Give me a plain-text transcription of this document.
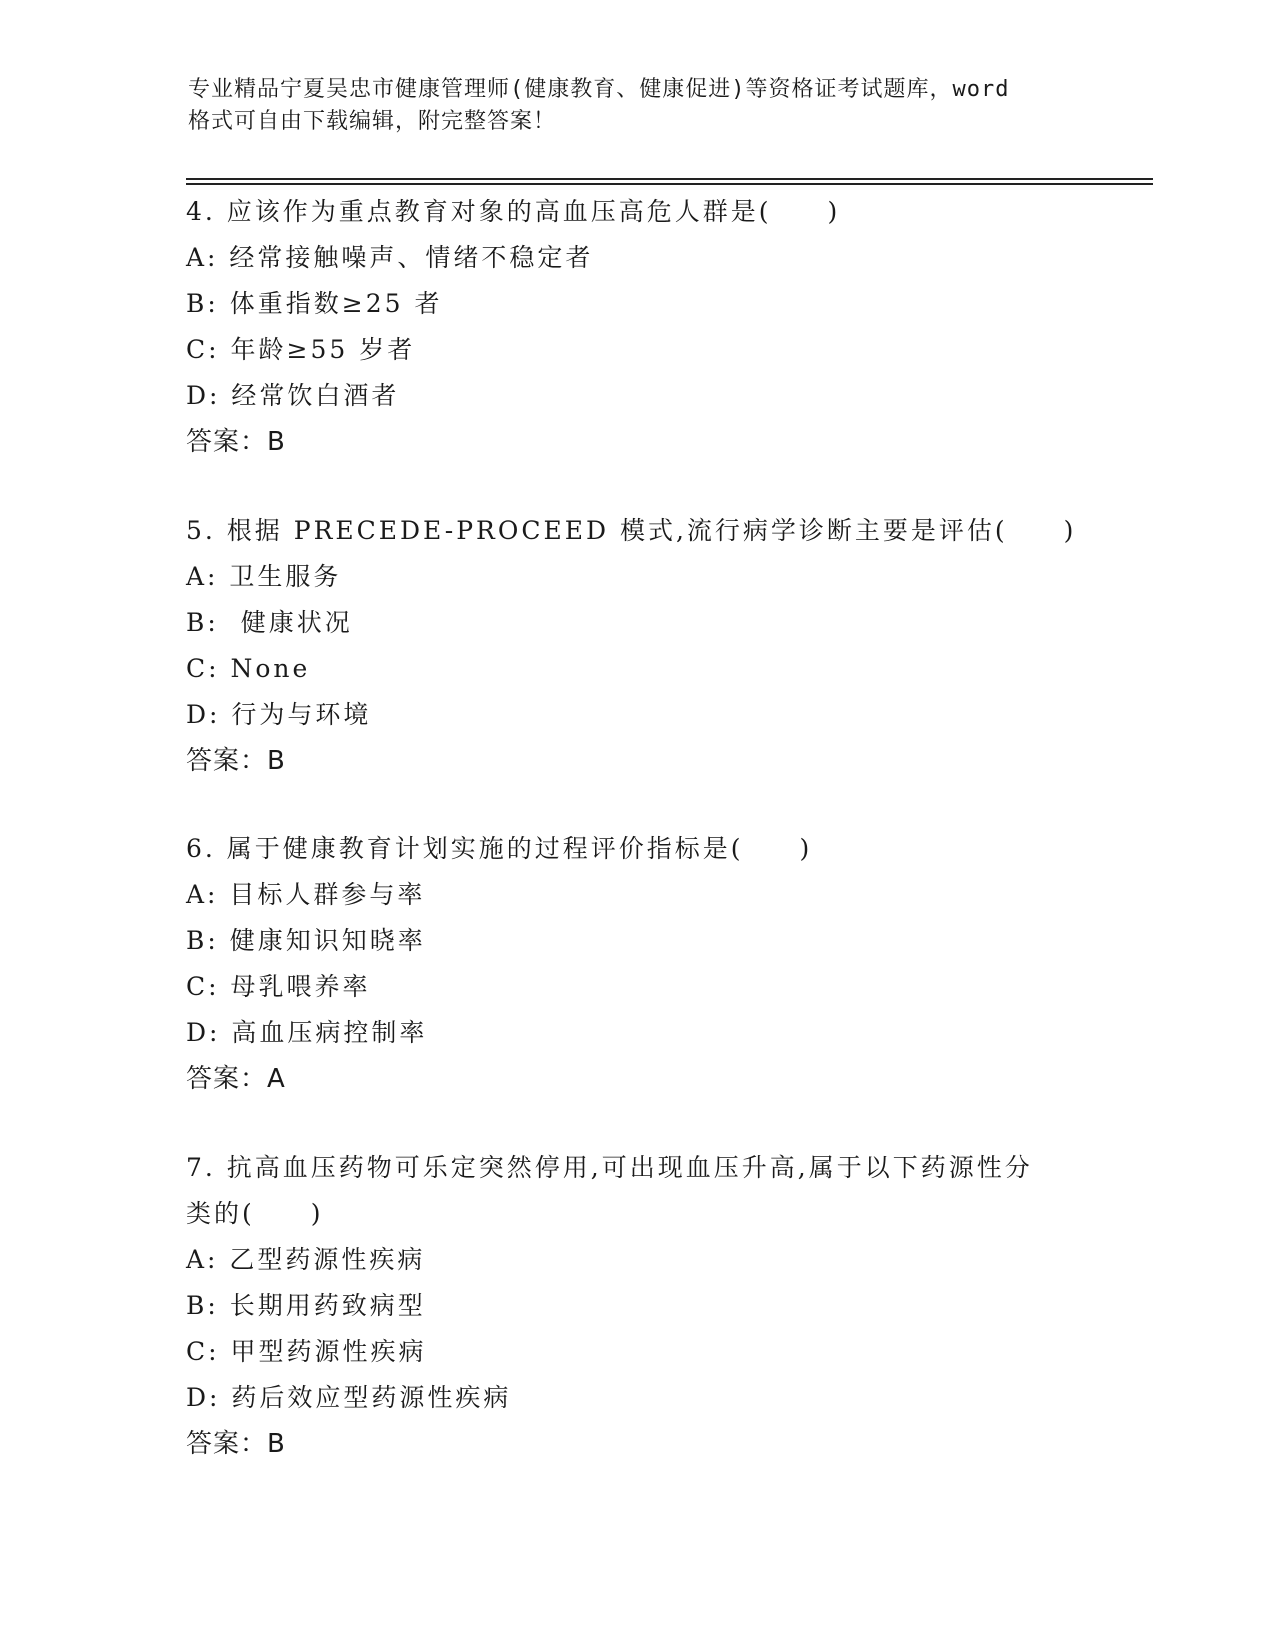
专业精品宁夏吴忠市健康管理师(健康教育、健康促进)等资格证考试题库，word
格式可自由下载编辑，附完整答案！
4. 应该作为重点教育对象的高血压高危人群是(　　)
A: 经常接触噪声、情绪不稳定者
B: 体重指数≥25 者
C: 年龄≥55 岁者
D: 经常饮白酒者
答案：B
5. 根据 PRECEDE-PROCEED 模式,流行病学诊断主要是评估(　　)
A: 卫生服务
B:  健康状况
C: None
D: 行为与环境
答案：B
6. 属于健康教育计划实施的过程评价指标是(　　)
A: 目标人群参与率
B: 健康知识知晓率
C: 母乳喂养率
D: 高血压病控制率
答案：A
7. 抗高血压药物可乐定突然停用,可出现血压升高,属于以下药源性分类的(　　)
A: 乙型药源性疾病
B: 长期用药致病型
C: 甲型药源性疾病
D: 药后效应型药源性疾病
答案：B
